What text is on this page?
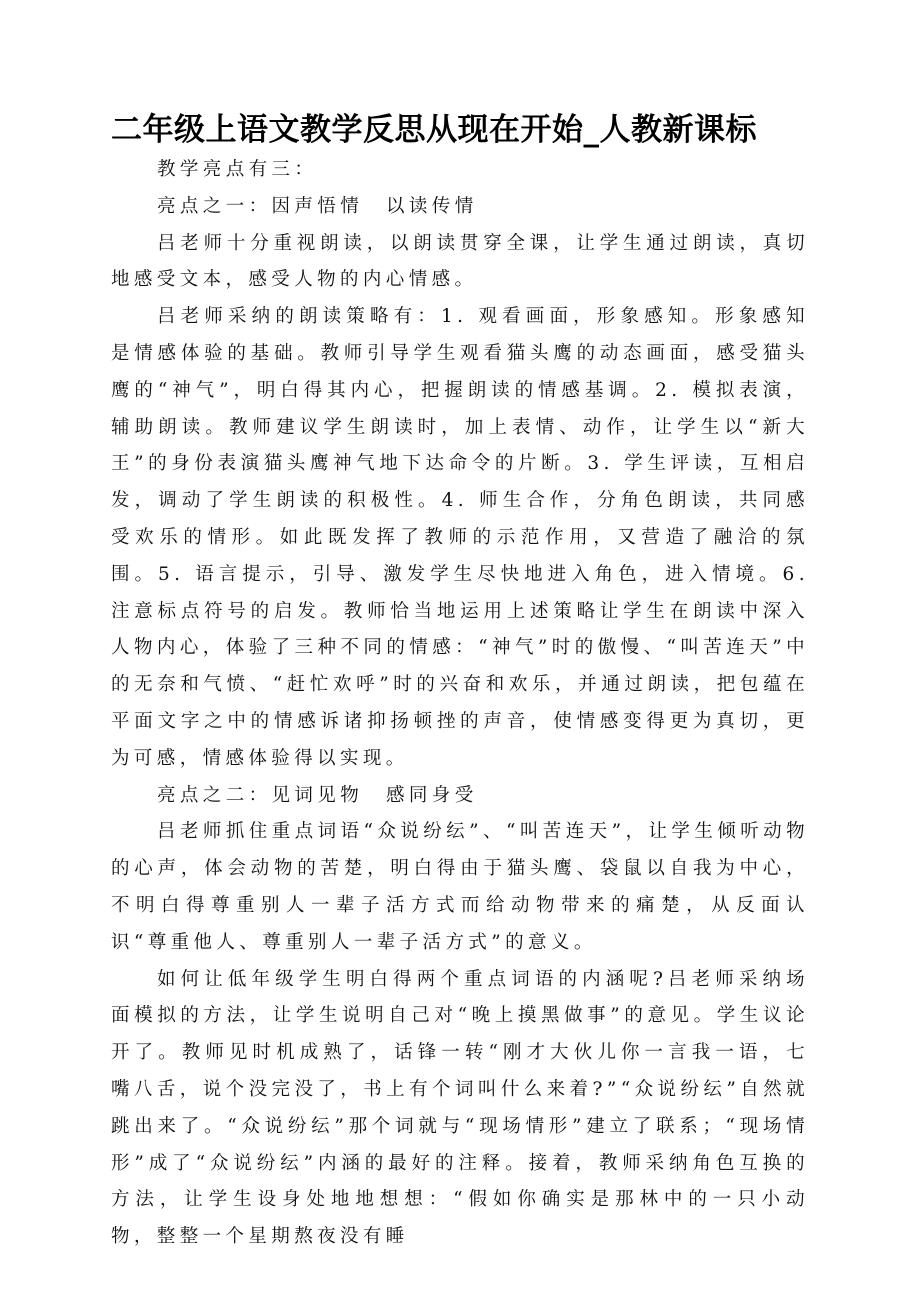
二年级上语文教学反思从现在开始_人教新课标

教学亮点有三：

亮点之一：因声悟情　以读传情

吕老师十分重视朗读，以朗读贯穿全课，让学生通过朗读，真切地感受文本，感受人物的内心情感。

吕老师采纳的朗读策略有：1. 观看画面，形象感知。形象感知是情感体验的基础。教师引导学生观看猫头鹰的动态画面，感受猫头鹰的“神气”，明白得其内心，把握朗读的情感基调。2. 模拟表演，辅助朗读。教师建议学生朗读时，加上表情、动作，让学生以“新大王”的身份表演猫头鹰神气地下达命令的片断。3. 学生评读，互相启发，调动了学生朗读的积极性。4. 师生合作，分角色朗读，共同感受欢乐的情形。如此既发挥了教师的示范作用，又营造了融洽的氛围。5. 语言提示，引导、激发学生尽快地进入角色，进入情境。6. 注意标点符号的启发。教师恰当地运用上述策略让学生在朗读中深入人物内心，体验了三种不同的情感：“神气”时的傲慢、“叫苦连天”中的无奈和气愤、“赶忙欢呼”时的兴奋和欢乐，并通过朗读，把包蕴在平面文字之中的情感诉诸抑扬顿挫的声音，使情感变得更为真切，更为可感，情感体验得以实现。

亮点之二：见词见物　感同身受

吕老师抓住重点词语“众说纷纭”、“叫苦连天”，让学生倾听动物的心声，体会动物的苦楚，明白得由于猫头鹰、袋鼠以自我为中心，不明白得尊重别人一辈子活方式而给动物带来的痛楚，从反面认识“尊重他人、尊重别人一辈子活方式”的意义。

如何让低年级学生明白得两个重点词语的内涵呢?吕老师采纳场面模拟的方法，让学生说明自己对“晚上摸黑做事”的意见。学生议论开了。教师见时机成熟了，话锋一转“刚才大伙儿你一言我一语，七嘴八舌，说个没完没了，书上有个词叫什么来着?”“众说纷纭”自然就跳出来了。“众说纷纭”那个词就与“现场情形”建立了联系；“现场情形”成了“众说纷纭”内涵的最好的注释。接着，教师采纳角色互换的方法，让学生设身处地地想想：“假如你确实是那林中的一只小动物，整整一个星期熬夜没有睡
